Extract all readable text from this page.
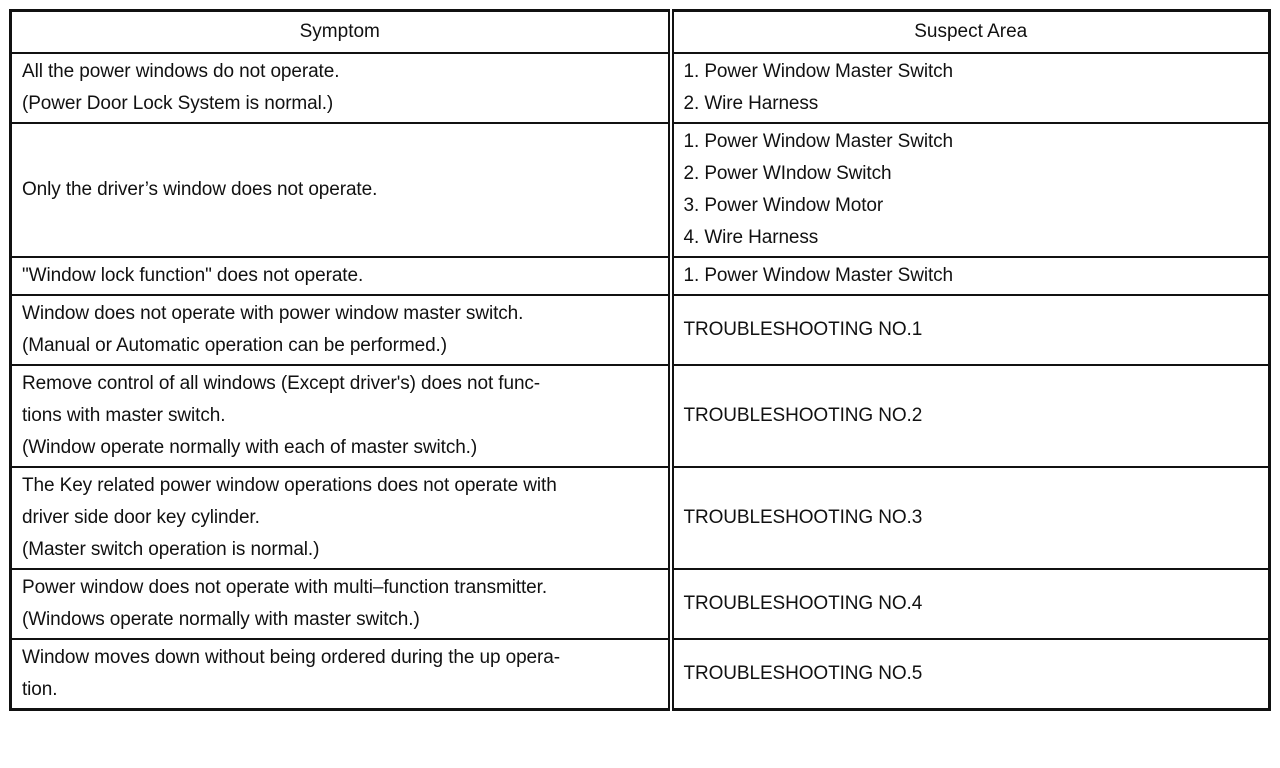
Symptom	Suspect Area

All the power windows do not operate.
(Power Door Lock System is normal.)	1. Power Window Master Switch
2. Wire Harness

Only the driver’s window does not operate.	1. Power Window Master Switch
2. Power WIndow Switch
3. Power Window Motor
4. Wire Harness

"Window lock function" does not operate.	1. Power Window Master Switch

Window does not operate with power window master switch.
(Manual or Automatic operation can be performed.)	TROUBLESHOOTING NO.1

Remove control of all windows (Except driver's) does not func-
tions with master switch.
(Window operate normally with each of master switch.)	TROUBLESHOOTING NO.2

The Key related power window operations does not operate with
driver side door key cylinder.
(Master switch operation is normal.)	TROUBLESHOOTING NO.3

Power window does not operate with multi–function transmitter.
(Windows operate normally with master switch.)	TROUBLESHOOTING NO.4

Window moves down without being ordered during the up opera-
tion.	TROUBLESHOOTING NO.5
